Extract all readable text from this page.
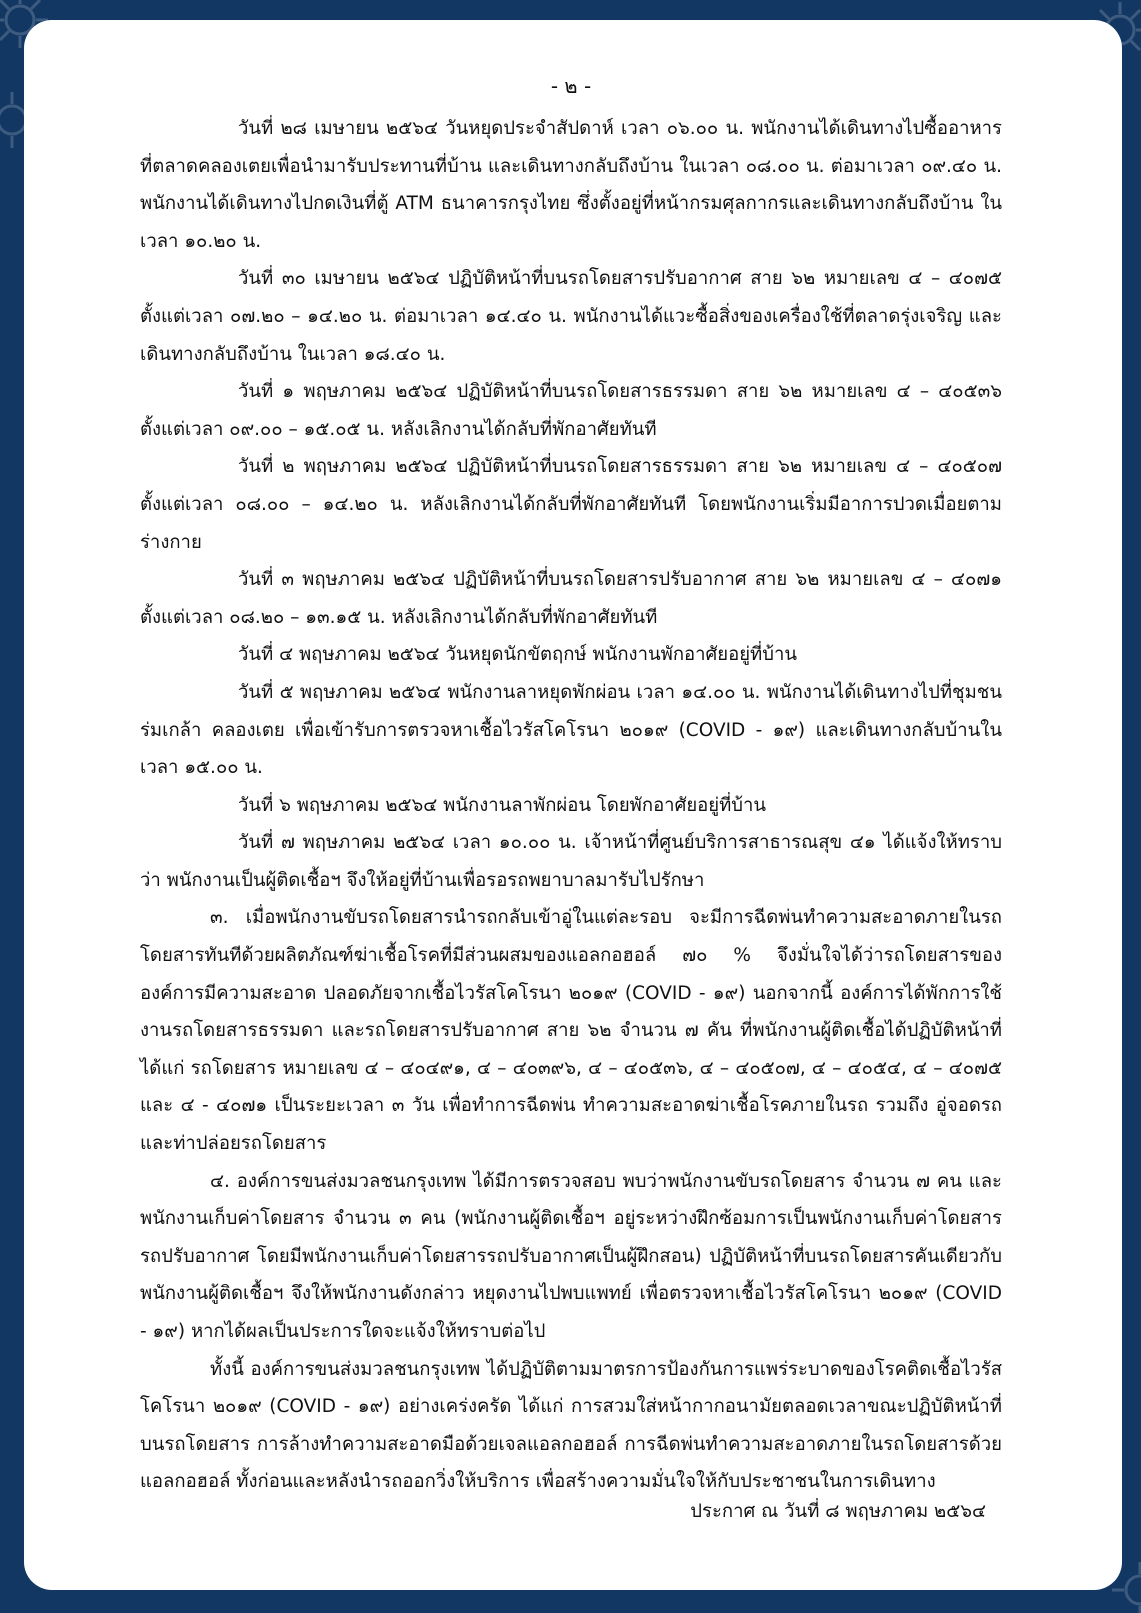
- ๒ -

วันที่ ๒๘ เมษายน ๒๕๖๔ วันหยุดประจำสัปดาห์ เวลา ๐๖.๐๐ น. พนักงานได้เดินทางไปซื้ออาหารที่ตลาดคลองเตยเพื่อนำมารับประทานที่บ้าน และเดินทางกลับถึงบ้าน ในเวลา ๐๘.๐๐ น. ต่อมาเวลา ๐๙.๔๐ น. พนักงานได้เดินทางไปกดเงินที่ตู้ ATM ธนาคารกรุงไทย ซึ่งตั้งอยู่ที่หน้ากรมศุลกากรและเดินทางกลับถึงบ้าน ในเวลา ๑๐.๒๐ น.

วันที่ ๓๐ เมษายน ๒๕๖๔ ปฏิบัติหน้าที่บนรถโดยสารปรับอากาศ สาย ๖๒ หมายเลข ๔ – ๔๐๗๕ ตั้งแต่เวลา ๐๗.๒๐ – ๑๔.๒๐ น. ต่อมาเวลา ๑๔.๔๐ น. พนักงานได้แวะซื้อสิ่งของเครื่องใช้ที่ตลาดรุ่งเจริญ และเดินทางกลับถึงบ้าน ในเวลา ๑๘.๔๐ น.

วันที่ ๑ พฤษภาคม ๒๕๖๔ ปฏิบัติหน้าที่บนรถโดยสารธรรมดา สาย ๖๒ หมายเลข ๔ – ๔๐๕๓๖ ตั้งแต่เวลา ๐๙.๐๐ – ๑๕.๐๕ น. หลังเลิกงานได้กลับที่พักอาศัยทันที

วันที่ ๒ พฤษภาคม ๒๕๖๔ ปฏิบัติหน้าที่บนรถโดยสารธรรมดา สาย ๖๒ หมายเลข ๔ – ๔๐๕๐๗ ตั้งแต่เวลา ๐๘.๐๐ – ๑๔.๒๐ น. หลังเลิกงานได้กลับที่พักอาศัยทันที โดยพนักงานเริ่มมีอาการปวดเมื่อยตามร่างกาย

วันที่ ๓ พฤษภาคม ๒๕๖๔ ปฏิบัติหน้าที่บนรถโดยสารปรับอากาศ สาย ๖๒ หมายเลข ๔ – ๔๐๗๑ ตั้งแต่เวลา ๐๘.๒๐ – ๑๓.๑๕ น. หลังเลิกงานได้กลับที่พักอาศัยทันที

วันที่ ๔ พฤษภาคม ๒๕๖๔ วันหยุดนักขัตฤกษ์ พนักงานพักอาศัยอยู่ที่บ้าน

วันที่ ๕ พฤษภาคม ๒๕๖๔ พนักงานลาหยุดพักผ่อน เวลา ๑๔.๐๐ น. พนักงานได้เดินทางไปที่ชุมชนร่มเกล้า คลองเตย เพื่อเข้ารับการตรวจหาเชื้อไวรัสโคโรนา ๒๐๑๙ (COVID - ๑๙) และเดินทางกลับบ้านในเวลา ๑๕.๐๐ น.

วันที่ ๖ พฤษภาคม ๒๕๖๔ พนักงานลาพักผ่อน โดยพักอาศัยอยู่ที่บ้าน

วันที่ ๗ พฤษภาคม ๒๕๖๔ เวลา ๑๐.๐๐ น. เจ้าหน้าที่ศูนย์บริการสาธารณสุข ๔๑ ได้แจ้งให้ทราบว่า พนักงานเป็นผู้ติดเชื้อฯ จึงให้อยู่ที่บ้านเพื่อรอรถพยาบาลมารับไปรักษา

๓. เมื่อพนักงานขับรถโดยสารนำรถกลับเข้าอู่ในแต่ละรอบ จะมีการฉีดพ่นทำความสะอาดภายในรถโดยสารทันทีด้วยผลิตภัณฑ์ฆ่าเชื้อโรคที่มีส่วนผสมของแอลกอฮอล์ ๗๐ % จึงมั่นใจได้ว่ารถโดยสารขององค์การมีความสะอาด ปลอดภัยจากเชื้อไวรัสโคโรนา ๒๐๑๙ (COVID - ๑๙) นอกจากนี้ องค์การได้พักการใช้งานรถโดยสารธรรมดา และรถโดยสารปรับอากาศ สาย ๖๒ จำนวน ๗ คัน ที่พนักงานผู้ติดเชื้อได้ปฏิบัติหน้าที่ ได้แก่ รถโดยสาร หมายเลข ๔ – ๔๐๔๙๑, ๔ – ๔๐๓๙๖, ๔ – ๔๐๕๓๖, ๔ – ๔๐๕๐๗, ๔ – ๔๐๕๔, ๔ – ๔๐๗๕ และ ๔ - ๔๐๗๑ เป็นระยะเวลา ๓ วัน เพื่อทำการฉีดพ่น ทำความสะอาดฆ่าเชื้อโรคภายในรถ รวมถึง อู่จอดรถและท่าปล่อยรถโดยสาร

๔. องค์การขนส่งมวลชนกรุงเทพ ได้มีการตรวจสอบ พบว่าพนักงานขับรถโดยสาร จำนวน ๗ คน และพนักงานเก็บค่าโดยสาร จำนวน ๓ คน (พนักงานผู้ติดเชื้อฯ อยู่ระหว่างฝึกซ้อมการเป็นพนักงานเก็บค่าโดยสารรถปรับอากาศ โดยมีพนักงานเก็บค่าโดยสารรถปรับอากาศเป็นผู้ฝึกสอน) ปฏิบัติหน้าที่บนรถโดยสารคันเดียวกับพนักงานผู้ติดเชื้อฯ จึงให้พนักงานดังกล่าว หยุดงานไปพบแพทย์ เพื่อตรวจหาเชื้อไวรัสโคโรนา ๒๐๑๙ (COVID - ๑๙) หากได้ผลเป็นประการใดจะแจ้งให้ทราบต่อไป

ทั้งนี้ องค์การขนส่งมวลชนกรุงเทพ ได้ปฏิบัติตามมาตรการป้องกันการแพร่ระบาดของโรคติดเชื้อไวรัสโคโรนา ๒๐๑๙ (COVID - ๑๙) อย่างเคร่งครัด ได้แก่ การสวมใส่หน้ากากอนามัยตลอดเวลาขณะปฏิบัติหน้าที่บนรถโดยสาร การล้างทำความสะอาดมือด้วยเจลแอลกอฮอล์ การฉีดพ่นทำความสะอาดภายในรถโดยสารด้วยแอลกอฮอล์ ทั้งก่อนและหลังนำรถออกวิ่งให้บริการ เพื่อสร้างความมั่นใจให้กับประชาชนในการเดินทาง

ประกาศ ณ วันที่ ๘ พฤษภาคม ๒๕๖๔
